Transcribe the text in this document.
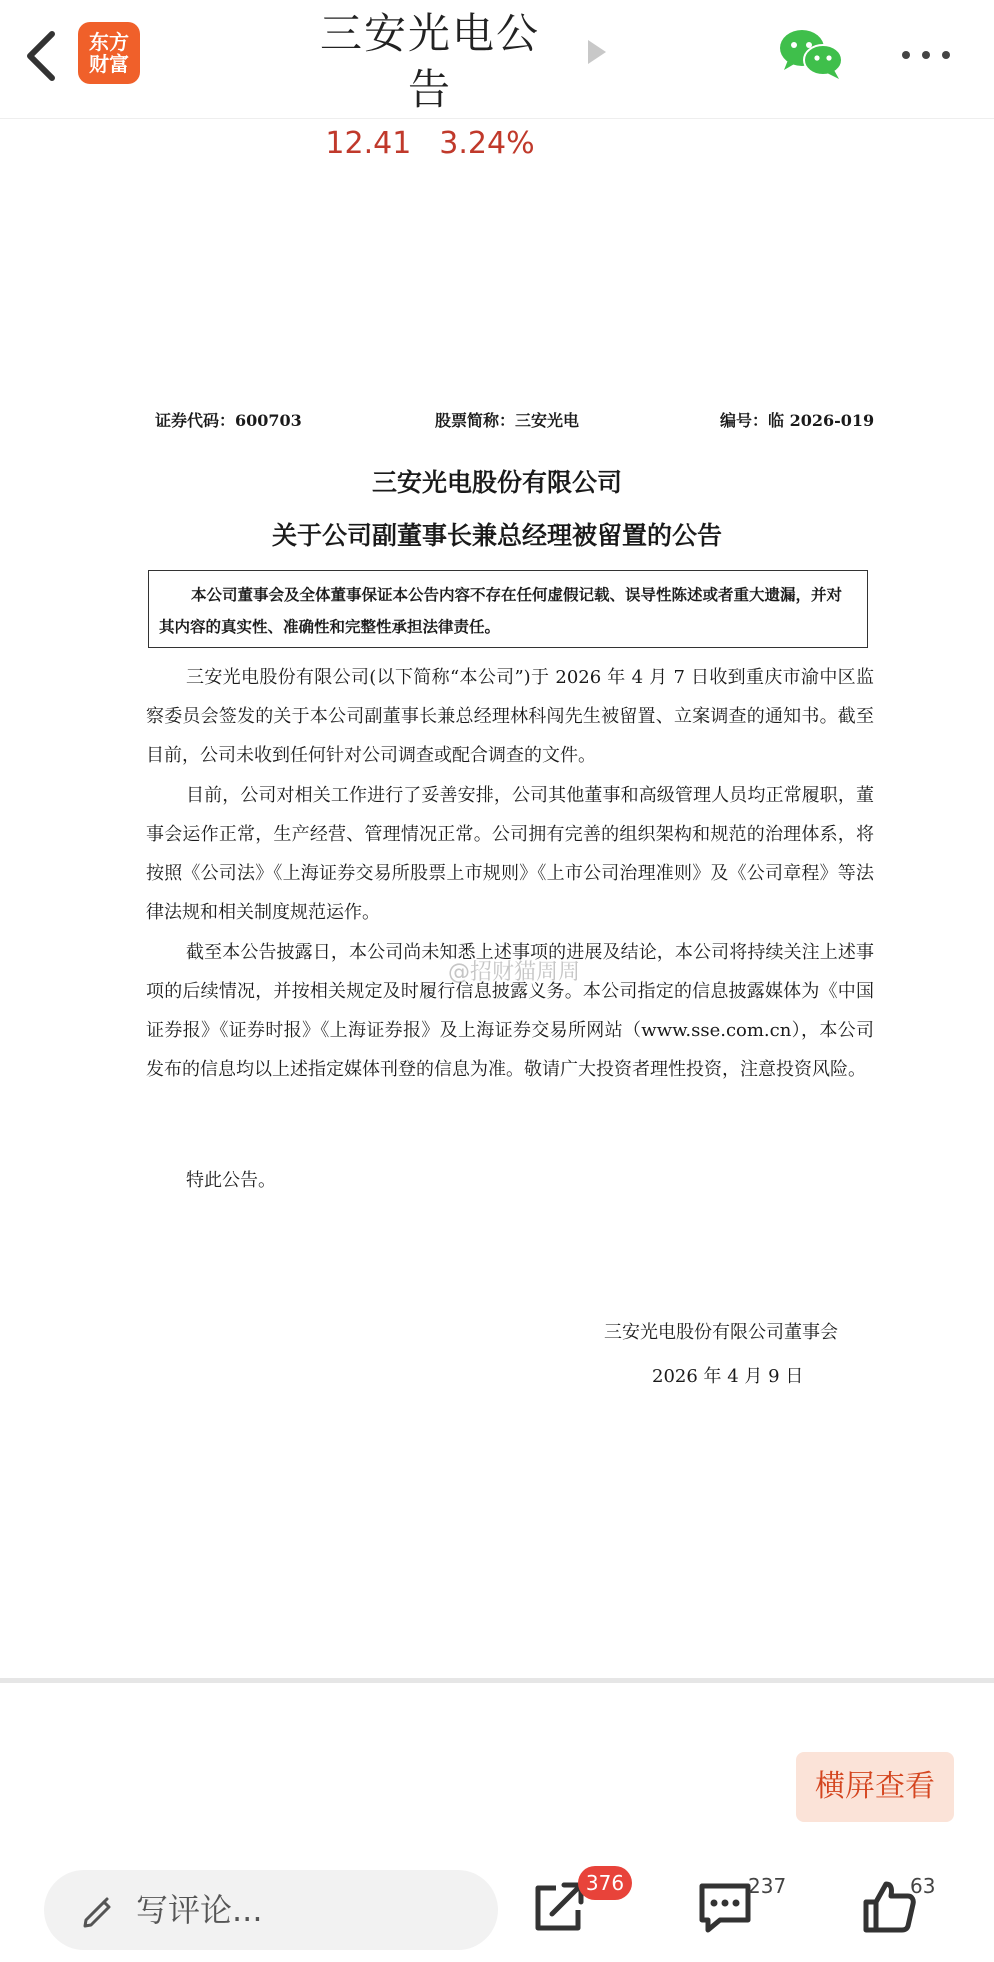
东方
财富
三安光电公告
12.41 3.24%
证券代码：600703	股票简称：三安光电	编号：临 2026-019
三安光电股份有限公司
关于公司副董事长兼总经理被留置的公告

本公司董事会及全体董事保证本公告内容不存在任何虚假记载、误导性陈述或者重大遗漏，并对其内容的真实性、准确性和完整性承担法律责任。

三安光电股份有限公司(以下简称“本公司”)于 2026 年 4 月 7 日收到重庆市渝中区监察委员会签发的关于本公司副董事长兼总经理林科闯先生被留置、立案调查的通知书。截至目前，公司未收到任何针对公司调查或配合调查的文件。

目前，公司对相关工作进行了妥善安排，公司其他董事和高级管理人员均正常履职，董事会运作正常，生产经营、管理情况正常。公司拥有完善的组织架构和规范的治理体系，将按照《公司法》《上海证券交易所股票上市规则》《上市公司治理准则》及《公司章程》等法律法规和相关制度规范运作。

截至本公告披露日，本公司尚未知悉上述事项的进展及结论，本公司将持续关注上述事项的后续情况，并按相关规定及时履行信息披露义务。本公司指定的信息披露媒体为《中国证券报》《证券时报》《上海证券报》及上海证券交易所网站（www.sse.com.cn），本公司发布的信息均以上述指定媒体刊登的信息为准。敬请广大投资者理性投资，注意投资风险。

特此公告。
三安光电股份有限公司董事会
2026 年 4 月 9 日
@招财猫周周
横屏查看
写评论...
376	237	63
